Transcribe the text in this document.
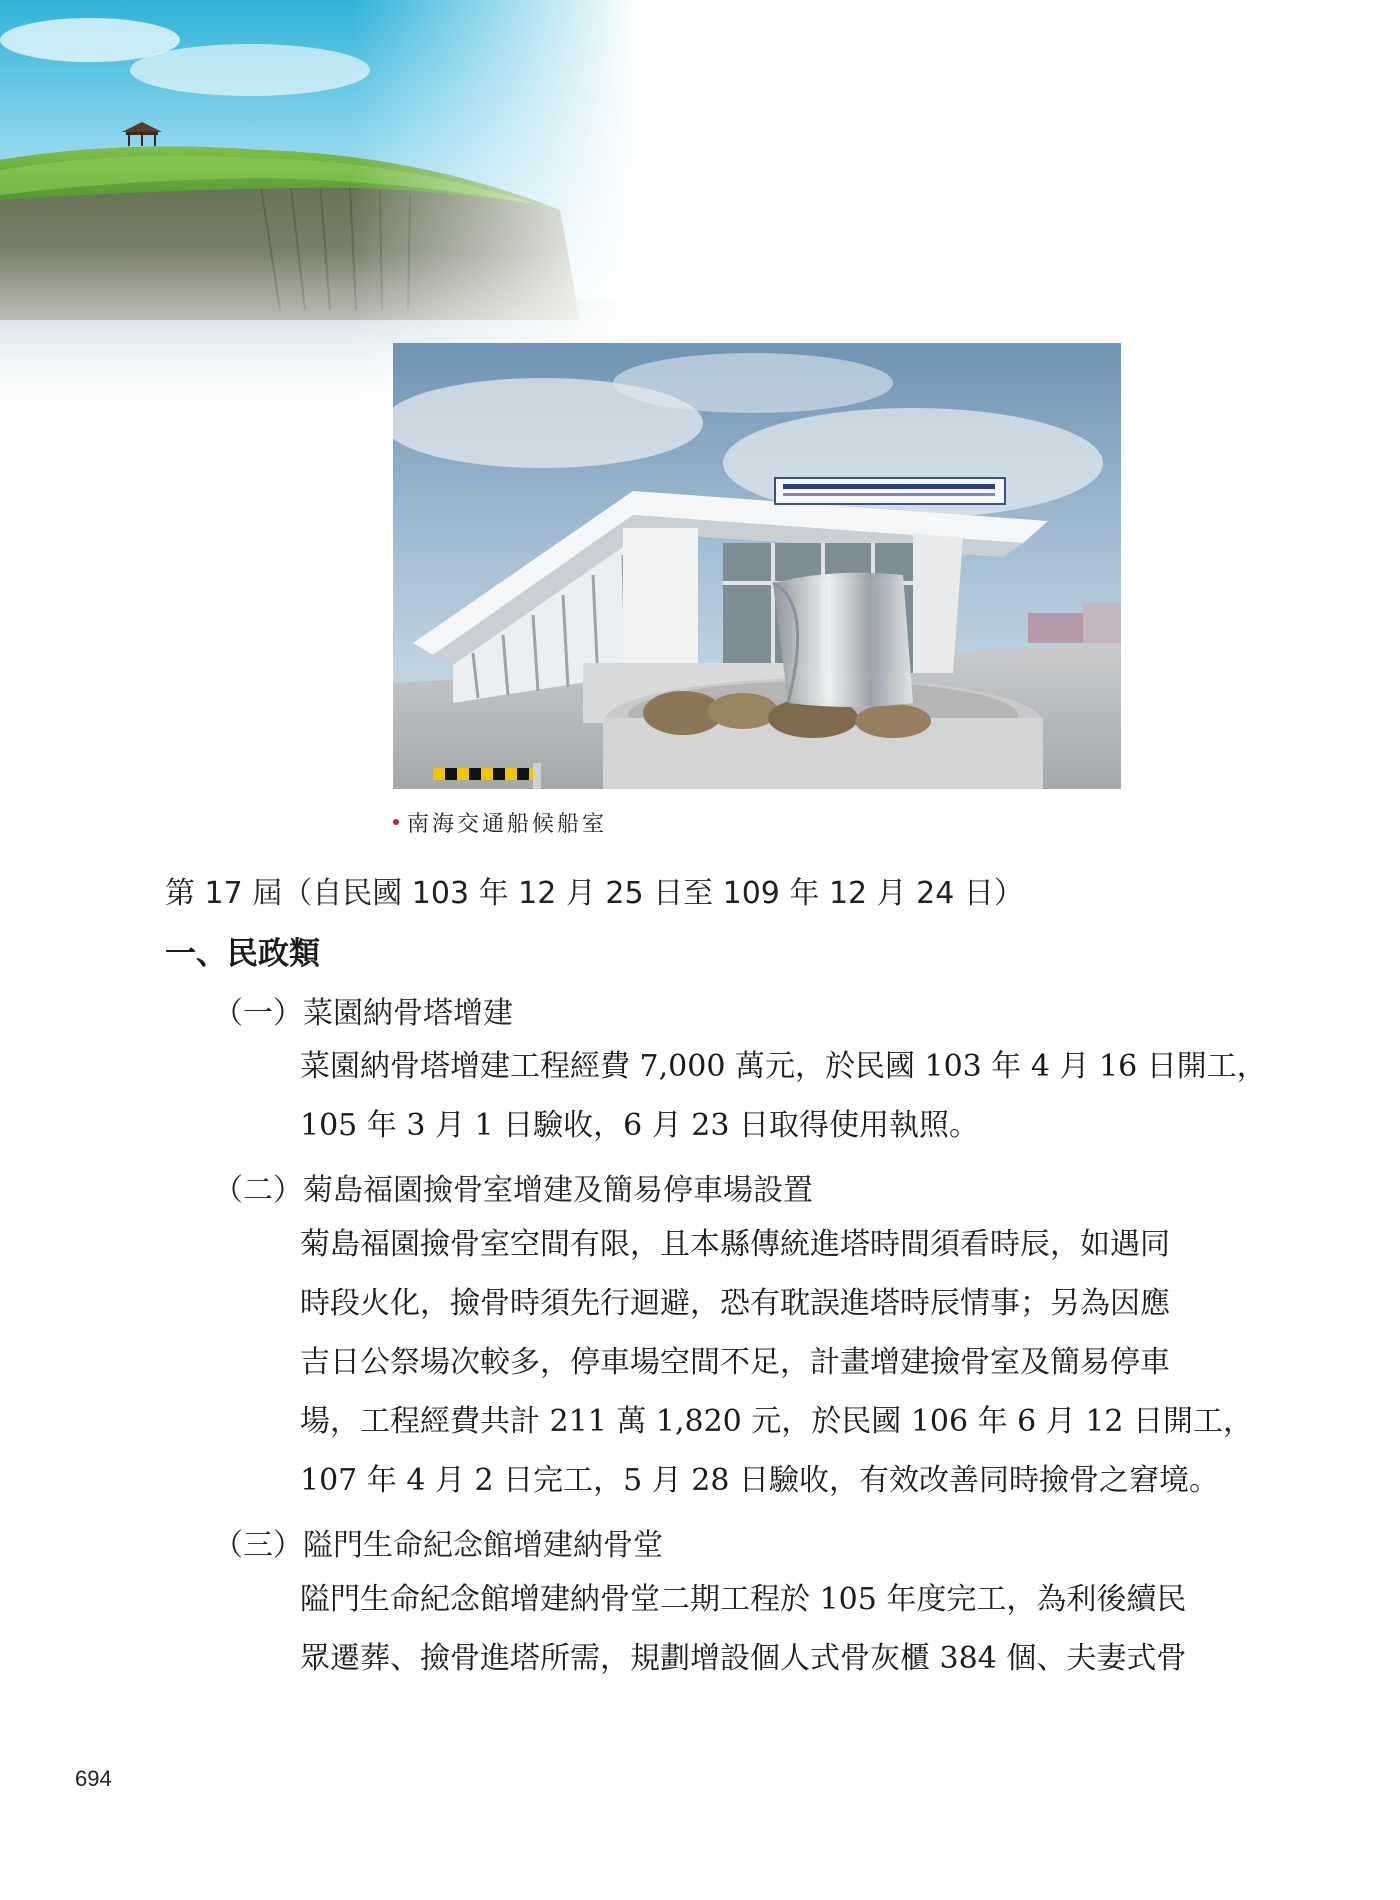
南海交通船候船室
第 17 屆（自民國 103 年 12 月 25 日至 109 年 12 月 24 日）
一、民政類
（一）菜園納骨塔增建
菜園納骨塔增建工程經費 7,000 萬元，於民國 103 年 4 月 16 日開工，
105 年 3 月 1 日驗收，6 月 23 日取得使用執照。
（二）菊島福園撿骨室增建及簡易停車場設置
菊島福園撿骨室空間有限，且本縣傳統進塔時間須看時辰，如遇同
時段火化，撿骨時須先行迴避，恐有耽誤進塔時辰情事；另為因應
吉日公祭場次較多，停車場空間不足，計畫增建撿骨室及簡易停車
場，工程經費共計 211 萬 1,820 元，於民國 106 年 6 月 12 日開工，
107 年 4 月 2 日完工，5 月 28 日驗收，有效改善同時撿骨之窘境。
（三）隘門生命紀念館增建納骨堂
隘門生命紀念館增建納骨堂二期工程於 105 年度完工，為利後續民
眾遷葬、撿骨進塔所需，規劃增設個人式骨灰櫃 384 個、夫妻式骨
694
